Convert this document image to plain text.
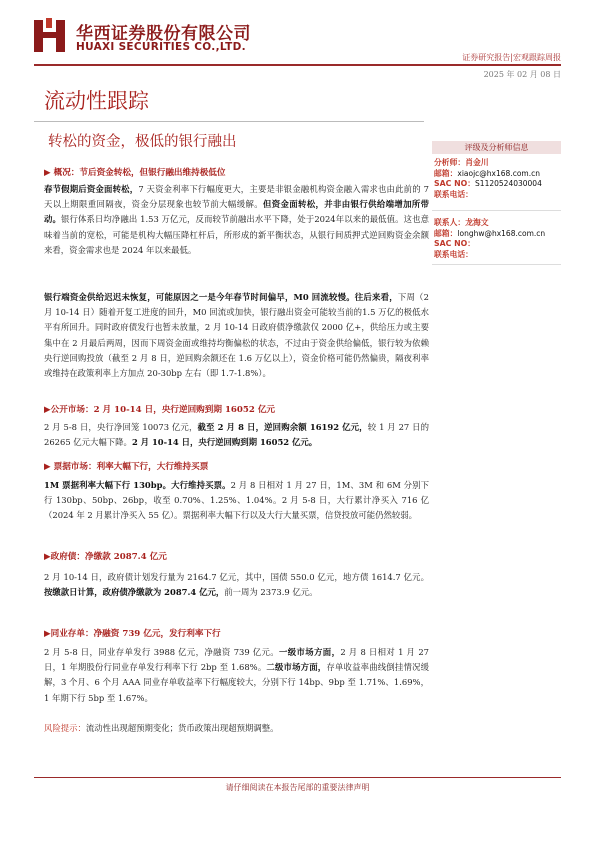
华西证券股份有限公司
HUAXI SECURITIES CO.,LTD.
证券研究报告|宏观跟踪周报
2025 年 02 月 08 日
流动性跟踪
转松的资金，极低的银行融出	评级及分析师信息
分析师：肖金川
邮箱：xiaojc@hx168.com.cn
SAC NO：S1120524030004
联系电话：
联系人：龙海文
邮箱：longhw@hx168.com.cn
SAC NO：
联系电话：
▶ 概况：节后资金转松，但银行融出维持极低位
春节假期后资金面转松，7 天资金利率下行幅度更大，主要是非银金融机构资金融入需求也由此前的 7 天以上期限重回隔夜，资金分层现象也较节前大幅缓解。但资金面转松，并非由银行供给端增加所带动。银行体系日均净融出 1.53 万亿元，反而较节前融出水平下降，处于2024年以来的最低值。这也意味着当前的宽松，可能是机构大幅压降杠杆后，所形成的新平衡状态，从银行间质押式逆回购资金余额来看，资金需求也是 2024 年以来最低。
银行端资金供给迟迟未恢复，可能原因之一是今年春节时间偏早，M0 回流较慢。往后来看，下周（2 月 10-14 日）随着开复工进度的回升，M0 回流或加快，银行融出资金可能较当前的1.5 万亿的极低水平有所回升。同时政府债发行也暂未放量，2 月 10-14 日政府债净缴款仅 2000 亿+，供给压力或主要集中在 2 月最后两周，因而下周资金面或维持均衡偏松的状态，不过由于资金供给偏低，银行较为依赖央行逆回购投放（截至 2 月 8 日，逆回购余额还在 1.6 万亿以上），资金价格可能仍然偏贵，隔夜利率或维持在政策利率上方加点 20-30bp 左右（即 1.7-1.8%）。
▶公开市场：2 月 10-14 日，央行逆回购到期 16052 亿元
2 月 5-8 日，央行净回笼 10073 亿元，截至 2 月 8 日，逆回购余额 16192 亿元，较 1 月 27 日的 26265 亿元大幅下降。2 月 10-14 日，央行逆回购到期 16052 亿元。
▶ 票据市场：利率大幅下行，大行维持买票
1M 票据利率大幅下行 130bp。大行维持买票。2 月 8 日相对 1 月 27 日，1M、3M 和 6M 分别下行 130bp、50bp、26bp，收至 0.70%、1.25%、1.04%。2 月 5-8 日，大行累计净买入 716 亿（2024 年 2 月累计净买入 55 亿）。票据利率大幅下行以及大行大量买票，信贷投放可能仍然较弱。
▶政府债：净缴款 2087.4 亿元
2 月 10-14 日，政府债计划发行量为 2164.7 亿元，其中，国债 550.0 亿元，地方债 1614.7 亿元。按缴款日计算，政府债净缴款为 2087.4 亿元，前一周为 2373.9 亿元。
▶同业存单：净融资 739 亿元，发行利率下行
2 月 5-8 日，同业存单发行 3988 亿元，净融资 739 亿元。一级市场方面，2 月 8 日相对 1 月 27 日，1 年期股份行同业存单发行利率下行 2bp 至 1.68%。二级市场方面，存单收益率曲线倒挂情况缓解，3 个月、6 个月 AAA 同业存单收益率下行幅度较大，分别下行 14bp、9bp 至 1.71%、1.69%，1 年期下行 5bp 至 1.67%。
风险提示：流动性出现超预期变化；货币政策出现超预期调整。
请仔细阅读在本报告尾部的重要法律声明
